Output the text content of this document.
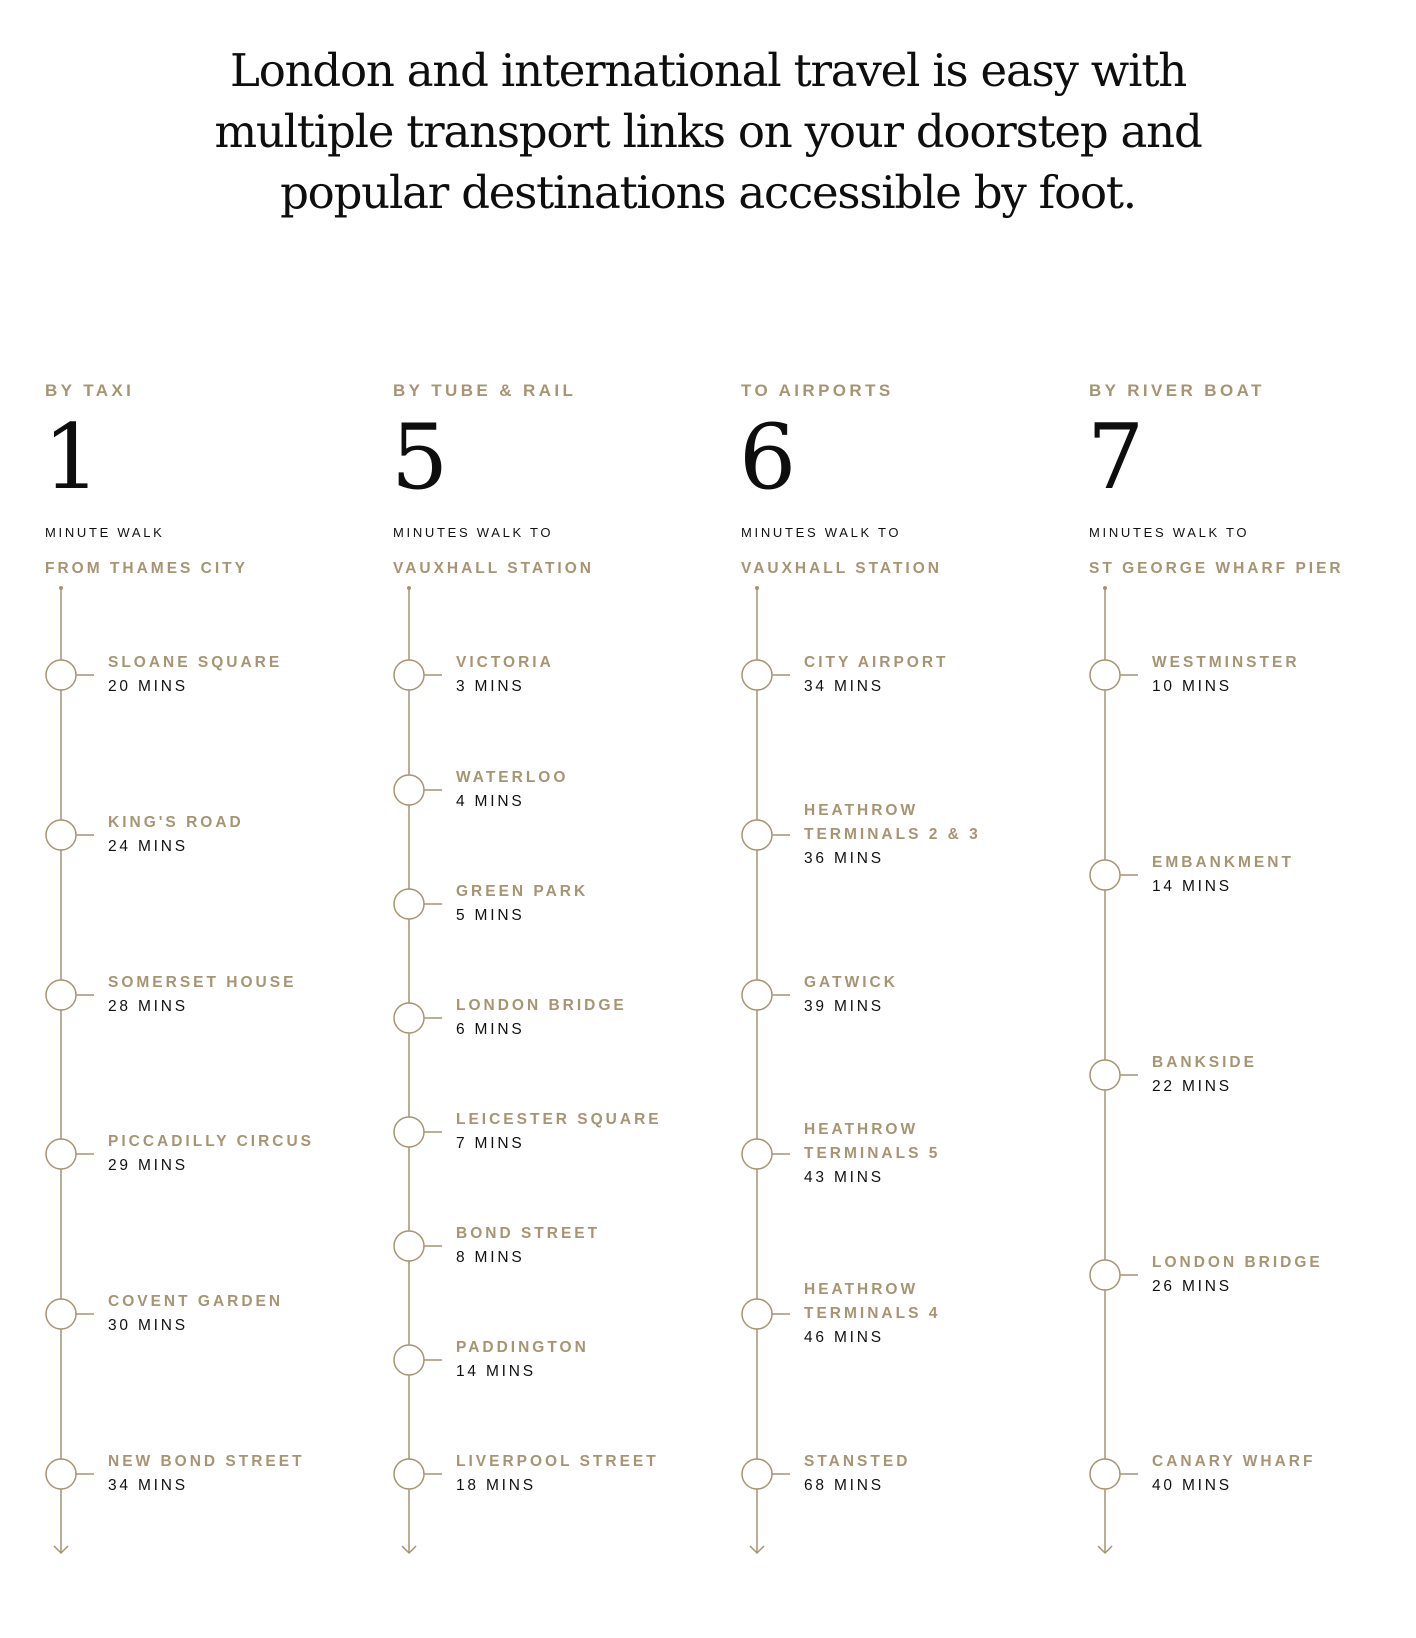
London and international travel is easy with multiple transport links on your doorstep and popular destinations accessible by foot.
BY TAXI
1
MINUTE WALK
FROM THAMES CITY
SLOANE SQUARE
20 MINS
KING'S ROAD
24 MINS
SOMERSET HOUSE
28 MINS
PICCADILLY CIRCUS
29 MINS
COVENT GARDEN
30 MINS
NEW BOND STREET
34 MINS
BY TUBE & RAIL
5
MINUTES WALK TO
VAUXHALL STATION
VICTORIA
3 MINS
WATERLOO
4 MINS
GREEN PARK
5 MINS
LONDON BRIDGE
6 MINS
LEICESTER SQUARE
7 MINS
BOND STREET
8 MINS
PADDINGTON
14 MINS
LIVERPOOL STREET
18 MINS
TO AIRPORTS
6
MINUTES WALK TO
VAUXHALL STATION
CITY AIRPORT
34 MINS
HEATHROW
TERMINALS 2 & 3
36 MINS
GATWICK
39 MINS
HEATHROW
TERMINALS 5
43 MINS
HEATHROW
TERMINALS 4
46 MINS
STANSTED
68 MINS
BY RIVER BOAT
7
MINUTES WALK TO
ST GEORGE WHARF PIER
WESTMINSTER
10 MINS
EMBANKMENT
14 MINS
BANKSIDE
22 MINS
LONDON BRIDGE
26 MINS
CANARY WHARF
40 MINS
